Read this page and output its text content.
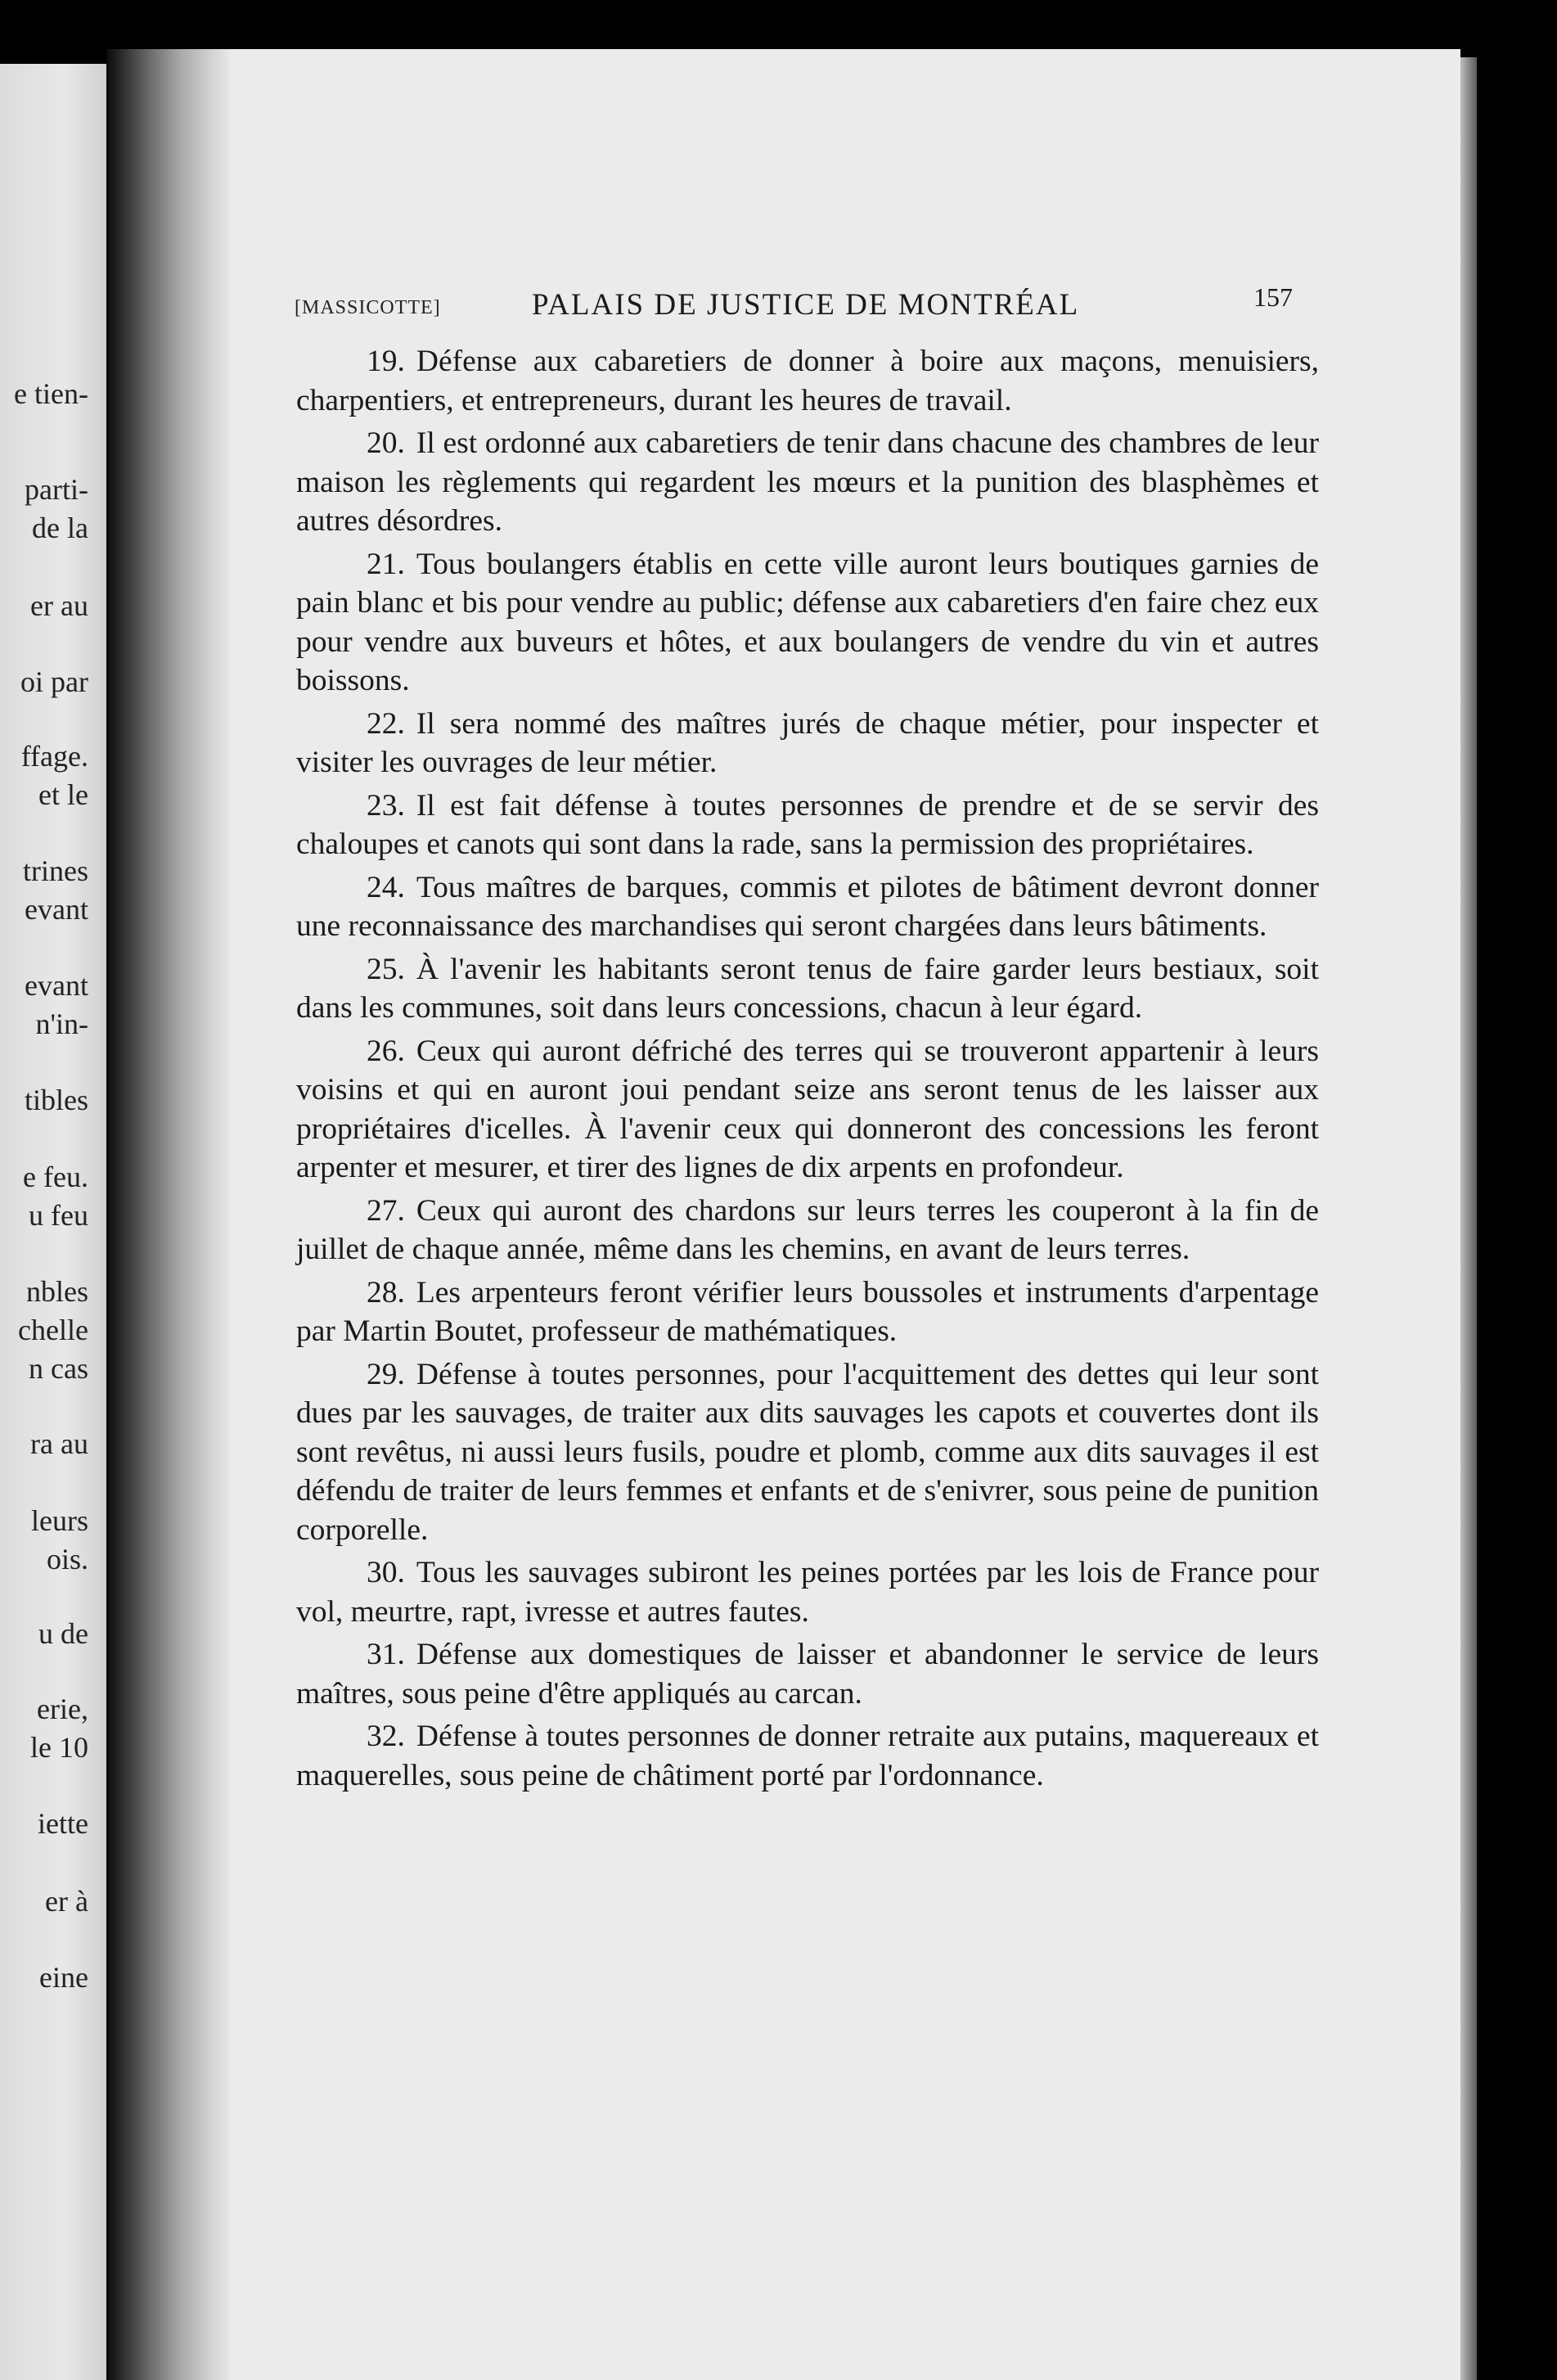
e tien-
parti-
de la
er au
oi par
ffage.
et le
trines
evant
evant
n'in-
tibles
e feu.
u feu
nbles
chelle
n cas
ra au
leurs
ois.
u de
erie,
le 10
iette
er à
eine
[MASSICOTTE]	PALAIS DE JUSTICE DE MONTRÉAL	157

19. Défense aux cabaretiers de donner à boire aux maçons, menuisiers, charpentiers, et entrepreneurs, durant les heures de travail.

20. Il est ordonné aux cabaretiers de tenir dans chacune des chambres de leur maison les règlements qui regardent les mœurs et la punition des blasphèmes et autres désordres.

21. Tous boulangers établis en cette ville auront leurs boutiques garnies de pain blanc et bis pour vendre au public; défense aux cabaretiers d'en faire chez eux pour vendre aux buveurs et hôtes, et aux boulangers de vendre du vin et autres boissons.

22. Il sera nommé des maîtres jurés de chaque métier, pour inspecter et visiter les ouvrages de leur métier.

23. Il est fait défense à toutes personnes de prendre et de se servir des chaloupes et canots qui sont dans la rade, sans la permission des propriétaires.

24. Tous maîtres de barques, commis et pilotes de bâtiment devront donner une reconnaissance des marchandises qui seront chargées dans leurs bâtiments.

25. À l'avenir les habitants seront tenus de faire garder leurs bestiaux, soit dans les communes, soit dans leurs concessions, chacun à leur égard.

26. Ceux qui auront défriché des terres qui se trouveront appartenir à leurs voisins et qui en auront joui pendant seize ans seront tenus de les laisser aux propriétaires d'icelles. À l'avenir ceux qui donneront des concessions les feront arpenter et mesurer, et tirer des lignes de dix arpents en profondeur.

27. Ceux qui auront des chardons sur leurs terres les couperont à la fin de juillet de chaque année, même dans les chemins, en avant de leurs terres.

28. Les arpenteurs feront vérifier leurs boussoles et instruments d'arpentage par Martin Boutet, professeur de mathématiques.

29. Défense à toutes personnes, pour l'acquittement des dettes qui leur sont dues par les sauvages, de traiter aux dits sauvages les capots et couvertes dont ils sont revêtus, ni aussi leurs fusils, poudre et plomb, comme aux dits sauvages il est défendu de traiter de leurs femmes et enfants et de s'enivrer, sous peine de punition corporelle.

30. Tous les sauvages subiront les peines portées par les lois de France pour vol, meurtre, rapt, ivresse et autres fautes.

31. Défense aux domestiques de laisser et abandonner le service de leurs maîtres, sous peine d'être appliqués au carcan.

32. Défense à toutes personnes de donner retraite aux putains, maquereaux et maquerelles, sous peine de châtiment porté par l'ordonnance.
